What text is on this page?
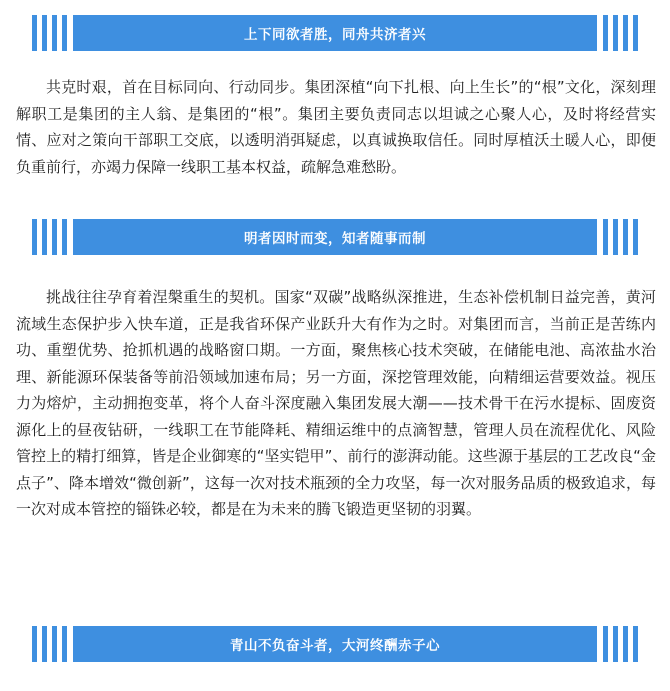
上下同欲者胜，同舟共济者兴

共克时艰，首在目标同向、行动同步。集团深植“向下扎根、向上生长”的“根”文化，深刻理解职工是集团的主人翁、是集团的“根”。集团主要负责同志以坦诚之心聚人心，及时将经营实情、应对之策向干部职工交底，以透明消弭疑虑，以真诚换取信任。同时厚植沃土暖人心，即便负重前行，亦竭力保障一线职工基本权益，疏解急难愁盼。

明者因时而变，知者随事而制

挑战往往孕育着涅槃重生的契机。国家“双碳”战略纵深推进，生态补偿机制日益完善，黄河流域生态保护步入快车道，正是我省环保产业跃升大有作为之时。对集团而言，当前正是苦练内功、重塑优势、抢抓机遇的战略窗口期。一方面，聚焦核心技术突破，在储能电池、高浓盐水治理、新能源环保装备等前沿领域加速布局；另一方面，深挖管理效能，向精细运营要效益。视压力为熔炉，主动拥抱变革，将个人奋斗深度融入集团发展大潮——技术骨干在污水提标、固废资源化上的昼夜钻研，一线职工在节能降耗、精细运维中的点滴智慧，管理人员在流程优化、风险管控上的精打细算，皆是企业御寒的“坚实铠甲”、前行的澎湃动能。这些源于基层的工艺改良“金点子”、降本增效“微创新”，这每一次对技术瓶颈的全力攻坚，每一次对服务品质的极致追求，每一次对成本管控的锱铢必较，都是在为未来的腾飞锻造更坚韧的羽翼。

青山不负奋斗者，大河终酬赤子心
